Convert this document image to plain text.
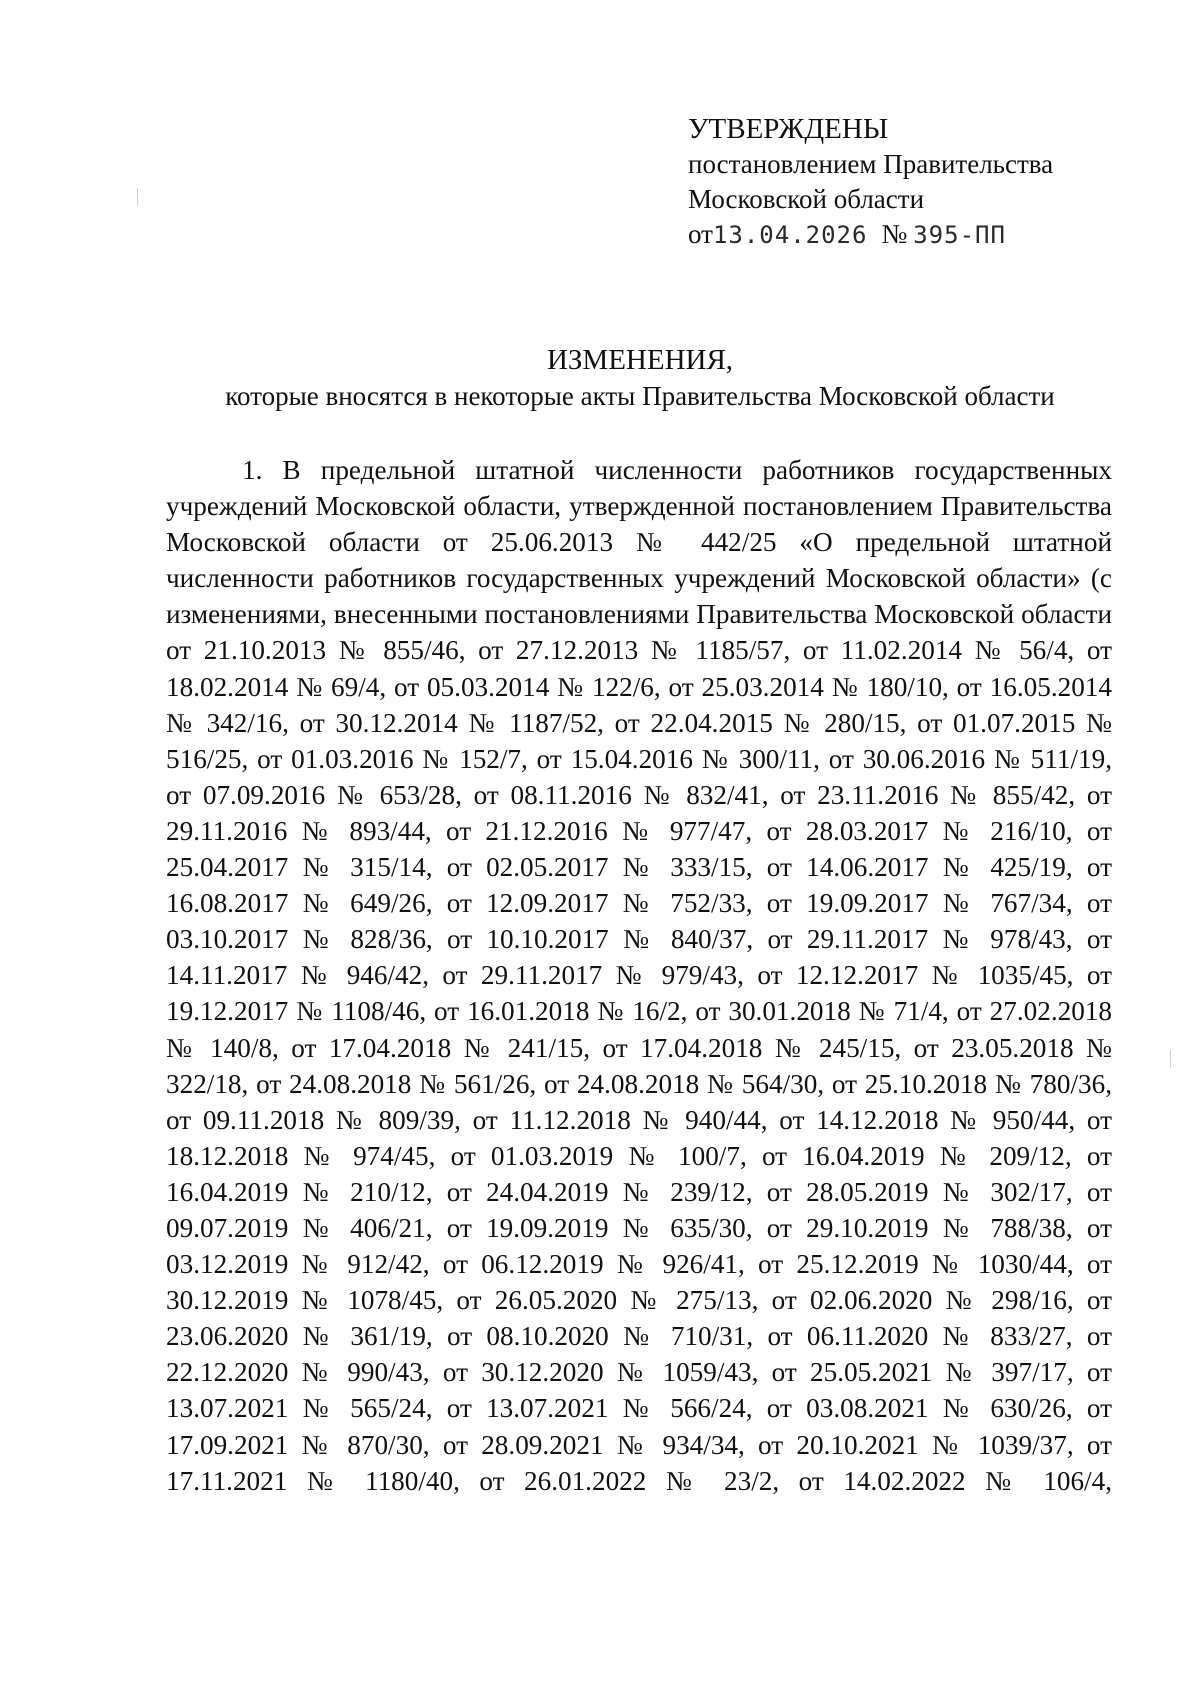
УТВЕРЖДЕНЫ
постановлением Правительства
Московской области
от13.04.2026 № 395-ПП
ИЗМЕНЕНИЯ,
которые вносятся в некоторые акты Правительства Московской области

1. В предельной штатной численности работников государственных учреждений Московской области, утвержденной постановлением Правительства Московской области от 25.06.2013 № 442/25 «О предельной штатной численности работников государственных учреждений Московской области» (с изменениями, внесенными постановлениями Правительства Московской области от 21.10.2013 № 855/46, от 27.12.2013 № 1185/57, от 11.02.2014 № 56/4, от 18.02.2014 № 69/4, от 05.03.2014 № 122/6, от 25.03.2014 № 180/10, от 16.05.2014 № 342/16, от 30.12.2014 № 1187/52, от 22.04.2015 № 280/15, от 01.07.2015 № 516/25, от 01.03.2016 № 152/7, от 15.04.2016 № 300/11, от 30.06.2016 № 511/19, от 07.09.2016 № 653/28, от 08.11.2016 № 832/41, от 23.11.2016 № 855/42, от 29.11.2016 № 893/44, от 21.12.2016 № 977/47, от 28.03.2017 № 216/10, от 25.04.2017 № 315/14, от 02.05.2017 № 333/15, от 14.06.2017 № 425/19, от 16.08.2017 № 649/26, от 12.09.2017 № 752/33, от 19.09.2017 № 767/34, от 03.10.2017 № 828/36, от 10.10.2017 № 840/37, от 29.11.2017 № 978/43, от 14.11.2017 № 946/42, от 29.11.2017 № 979/43, от 12.12.2017 № 1035/45, от 19.12.2017 № 1108/46, от 16.01.2018 № 16/2, от 30.01.2018 № 71/4, от 27.02.2018 № 140/8, от 17.04.2018 № 241/15, от 17.04.2018 № 245/15, от 23.05.2018 № 322/18, от 24.08.2018 № 561/26, от 24.08.2018 № 564/30, от 25.10.2018 № 780/36, от 09.11.2018 № 809/39, от 11.12.2018 № 940/44, от 14.12.2018 № 950/44, от 18.12.2018 № 974/45, от 01.03.2019 № 100/7, от 16.04.2019 № 209/12, от 16.04.2019 № 210/12, от 24.04.2019 № 239/12, от 28.05.2019 № 302/17, от 09.07.2019 № 406/21, от 19.09.2019 № 635/30, от 29.10.2019 № 788/38, от 03.12.2019 № 912/42, от 06.12.2019 № 926/41, от 25.12.2019 № 1030/44, от 30.12.2019 № 1078/45, от 26.05.2020 № 275/13, от 02.06.2020 № 298/16, от 23.06.2020 № 361/19, от 08.10.2020 № 710/31, от 06.11.2020 № 833/27, от 22.12.2020 № 990/43, от 30.12.2020 № 1059/43, от 25.05.2021 № 397/17, от 13.07.2021 № 565/24, от 13.07.2021 № 566/24, от 03.08.2021 № 630/26, от 17.09.2021 № 870/30, от 28.09.2021 № 934/34, от 20.10.2021 № 1039/37, от 17.11.2021 № 1180/40, от 26.01.2022 № 23/2, от 14.02.2022 № 106/4,
